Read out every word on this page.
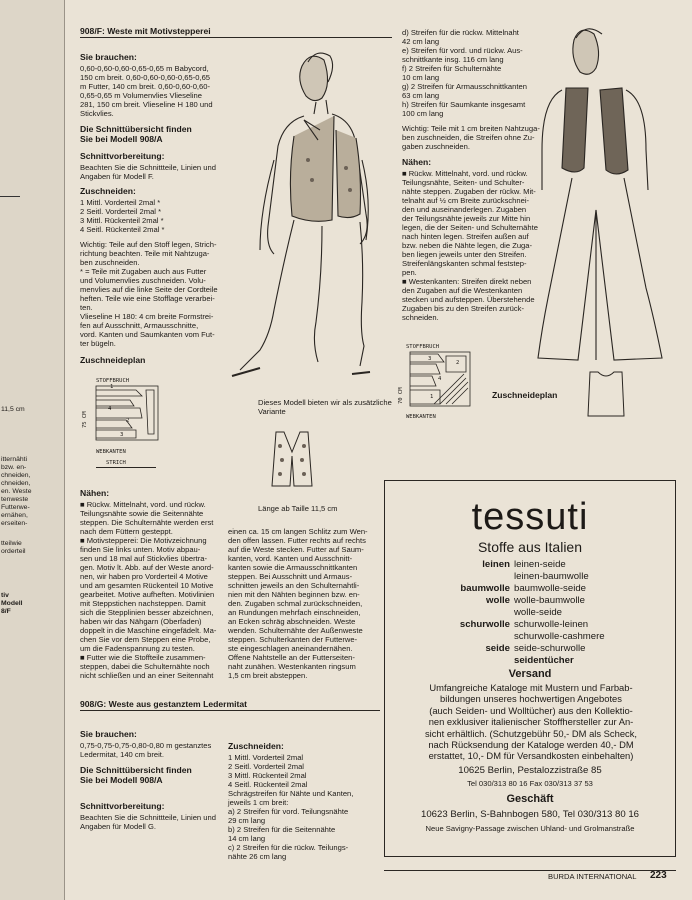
11,5 cm
itternähti
bzw. en-
chneiden,
chneiden,
en. Weste
tenweste
Futterwe-
ernähen,
erseiten-
tteilwie
orderteil
tiv
Modell
8/F
908/F: Weste mit Motivstepperei
Sie brauchen:
0,60-0,60-0,60-0,65-0,65 m Babycord,
150 cm breit. 0,60-0,60-0,60-0,65-0,65
m Futter, 140 cm breit. 0,60-0,60-0,60-
0,65-0,65 m Volumenvlies Vlieseline
281, 150 cm breit. Vlieseline H 180 und
Stickvlies.
Die Schnittübersicht finden
Sie bei Modell 908/A
Schnittvorbereitung:
Beachten Sie die Schnittteile, Linien und
Angaben für Modell F.
Zuschneiden:
1 Mittl. Vorderteil 2mal *
2 Seitl. Vorderteil 2mal *
3 Mittl. Rückenteil 2mal *
4 Seitl. Rückenteil 2mal *
Wichtig: Teile auf den Stoff legen, Strich-
richtung beachten. Teile mit Nahtzuga-
ben zuschneiden.
* = Teile mit Zugaben auch aus Futter
und Volumenvlies zuschneiden. Volu-
menvlies auf die linke Seite der Cordteile
heften. Teile wie eine Stofflage verarbei-
ten.
Vlieseline H 180: 4 cm breite Formstrei-
fen auf Ausschnitt, Armausschnitte,
vord. Kanten und Saumkanten vom Fut-
ter bügeln.
Zuschneideplan
STOFFBRUCH
1
4
2
3
75 CM
WEBKANTEN
STRICH
Dieses Modell bieten wir als zusätzliche
Variante
Länge ab Taille 11,5 cm
Nähen:
■ Rückw. Mittelnaht, vord. und rückw.
Teilungsnähte sowie die Seitennähte
steppen. Die Schulternähte werden erst
nach dem Füttern gesteppt.
■ Motivstepperei: Die Motivzeichnung
finden Sie links unten. Motiv abpau-
sen und 18 mal auf Stickvlies übertra-
gen. Motiv lt. Abb. auf der Weste anord-
nen, wir haben pro Vorderteil 4 Motive
und am gesamten Rückenteil 10 Motive
gearbeitet. Motive aufheften. Motivlinien
mit Steppstichen nachsteppen. Damit
sich die Stepplinien besser abzeichnen,
haben wir das Nähgarn (Oberfaden)
doppelt in die Maschine eingefädelt. Ma-
chen Sie vor dem Steppen eine Probe,
um die Fadenspannung zu testen.
■ Futter wie die Stoffteile zusammen-
steppen, dabei die Schulternähte noch
nicht schließen und an einer Seitennaht
einen ca. 15 cm langen Schlitz zum Wen-
den offen lassen. Futter rechts auf rechts
auf die Weste stecken. Futter auf Saum-
kanten, vord. Kanten und Ausschnitt-
kanten sowie die Armausschnittkanten
steppen. Bei Ausschnitt und Armaus-
schnitten jeweils an den Schulternahtli-
nien mit den Nähten beginnen bzw. en-
den. Zugaben schmal zurückschneiden,
an Rundungen mehrfach einschneiden,
an Ecken schräg abschneiden. Weste
wenden. Schulternähte der Außenweste
steppen. Schulterkanten der Futterwe-
ste eingeschlagen aneinandernähen.
Offene Nahtstelle an der Futterseiten-
naht zunähen. Westenkanten ringsum
1,5 cm breit absteppen.
908/G: Weste aus gestanztem Ledermitat
Sie brauchen:
0,75-0,75-0,75-0,80-0,80 m gestanztes
Ledermitat, 140 cm breit.
Die Schnittübersicht finden
Sie bei Modell 908/A
Schnittvorbereitung:
Beachten Sie die Schnittteile, Linien und
Angaben für Modell G.
Zuschneiden:
1 Mittl. Vorderteil 2mal
2 Seitl. Vorderteil 2mal
3 Mittl. Rückenteil 2mal
4 Seitl. Rückenteil 2mal
Schrägstreifen für Nähte und Kanten,
jeweils 1 cm breit:
a) 2 Streifen für vord. Teilungsnähte
29 cm lang
b) 2 Streifen für die Seitennähte
14 cm lang
c) 2 Streifen für die rückw. Teilungs-
nähte 26 cm lang
d) Streifen für die rückw. Mittelnaht
42 cm lang
e) Streifen für vord. und rückw. Aus-
schnittkante insg. 116 cm lang
f) 2 Streifen für Schulternähte
10 cm lang
g) 2 Streifen für Armausschnittkanten
63 cm lang
h) Streifen für Saumkante insgesamt
100 cm lang
Wichtig: Teile mit 1 cm breiten Nahtzuga-
ben zuschneiden, die Streifen ohne Zu-
gaben zuschneiden.
Nähen:
■ Rückw. Mittelnaht, vord. und rückw.
Teilungsnähte, Seiten- und Schulter-
nähte steppen. Zugaben der rückw. Mit-
telnaht auf ½ cm Breite zurückschnei-
den und auseinanderlegen. Zugaben
der Teilungsnähte jeweils zur Mitte hin
legen, die der Seiten- und Schulternähte
nach hinten legen. Streifen außen auf
bzw. neben die Nähte legen, die Zuga-
ben liegen jeweils unter den Streifen.
Streifenlängskanten schmal feststep-
pen.
■ Westenkanten: Streifen direkt neben
den Zugaben auf die Westenkanten
stecken und aufsteppen. Überstehende
Zugaben bis zu den Streifen zurück-
schneiden.
STOFFBRUCH
3
2
4
1
70 CM
WEBKANTEN
Zuschneideplan
tessuti
Stoffe aus Italien
leinen leinen-seide
leinen-baumwolle
baumwolle baumwolle-seide
wolle wolle-baumwolle
wolle-seide
schurwolle schurwolle-leinen
schurwolle-cashmere
seide seide-schurwolle
seidentücher
Versand
Umfangreiche Kataloge mit Mustern und Farbab-
bildungen unseres hochwertigen Angebotes
(auch Seiden- und Wolltücher) aus den Kollektio-
nen exklusiver italienischer Stoffhersteller zur An-
sicht erhältlich. (Schutzgebühr 50,- DM als Scheck,
nach Rücksendung der Kataloge werden 40,- DM
erstattet, 10,- DM für Versandkosten einbehalten)
10625 Berlin, Pestalozzistraße 85
Tel 030/313 80 16 Fax 030/313 37 53
Geschäft
10623 Berlin, S-Bahnbogen 580, Tel 030/313 80 16
Neue Savigny-Passage zwischen Uhland- und Grolmanstraße
BURDA INTERNATIONAL 223
